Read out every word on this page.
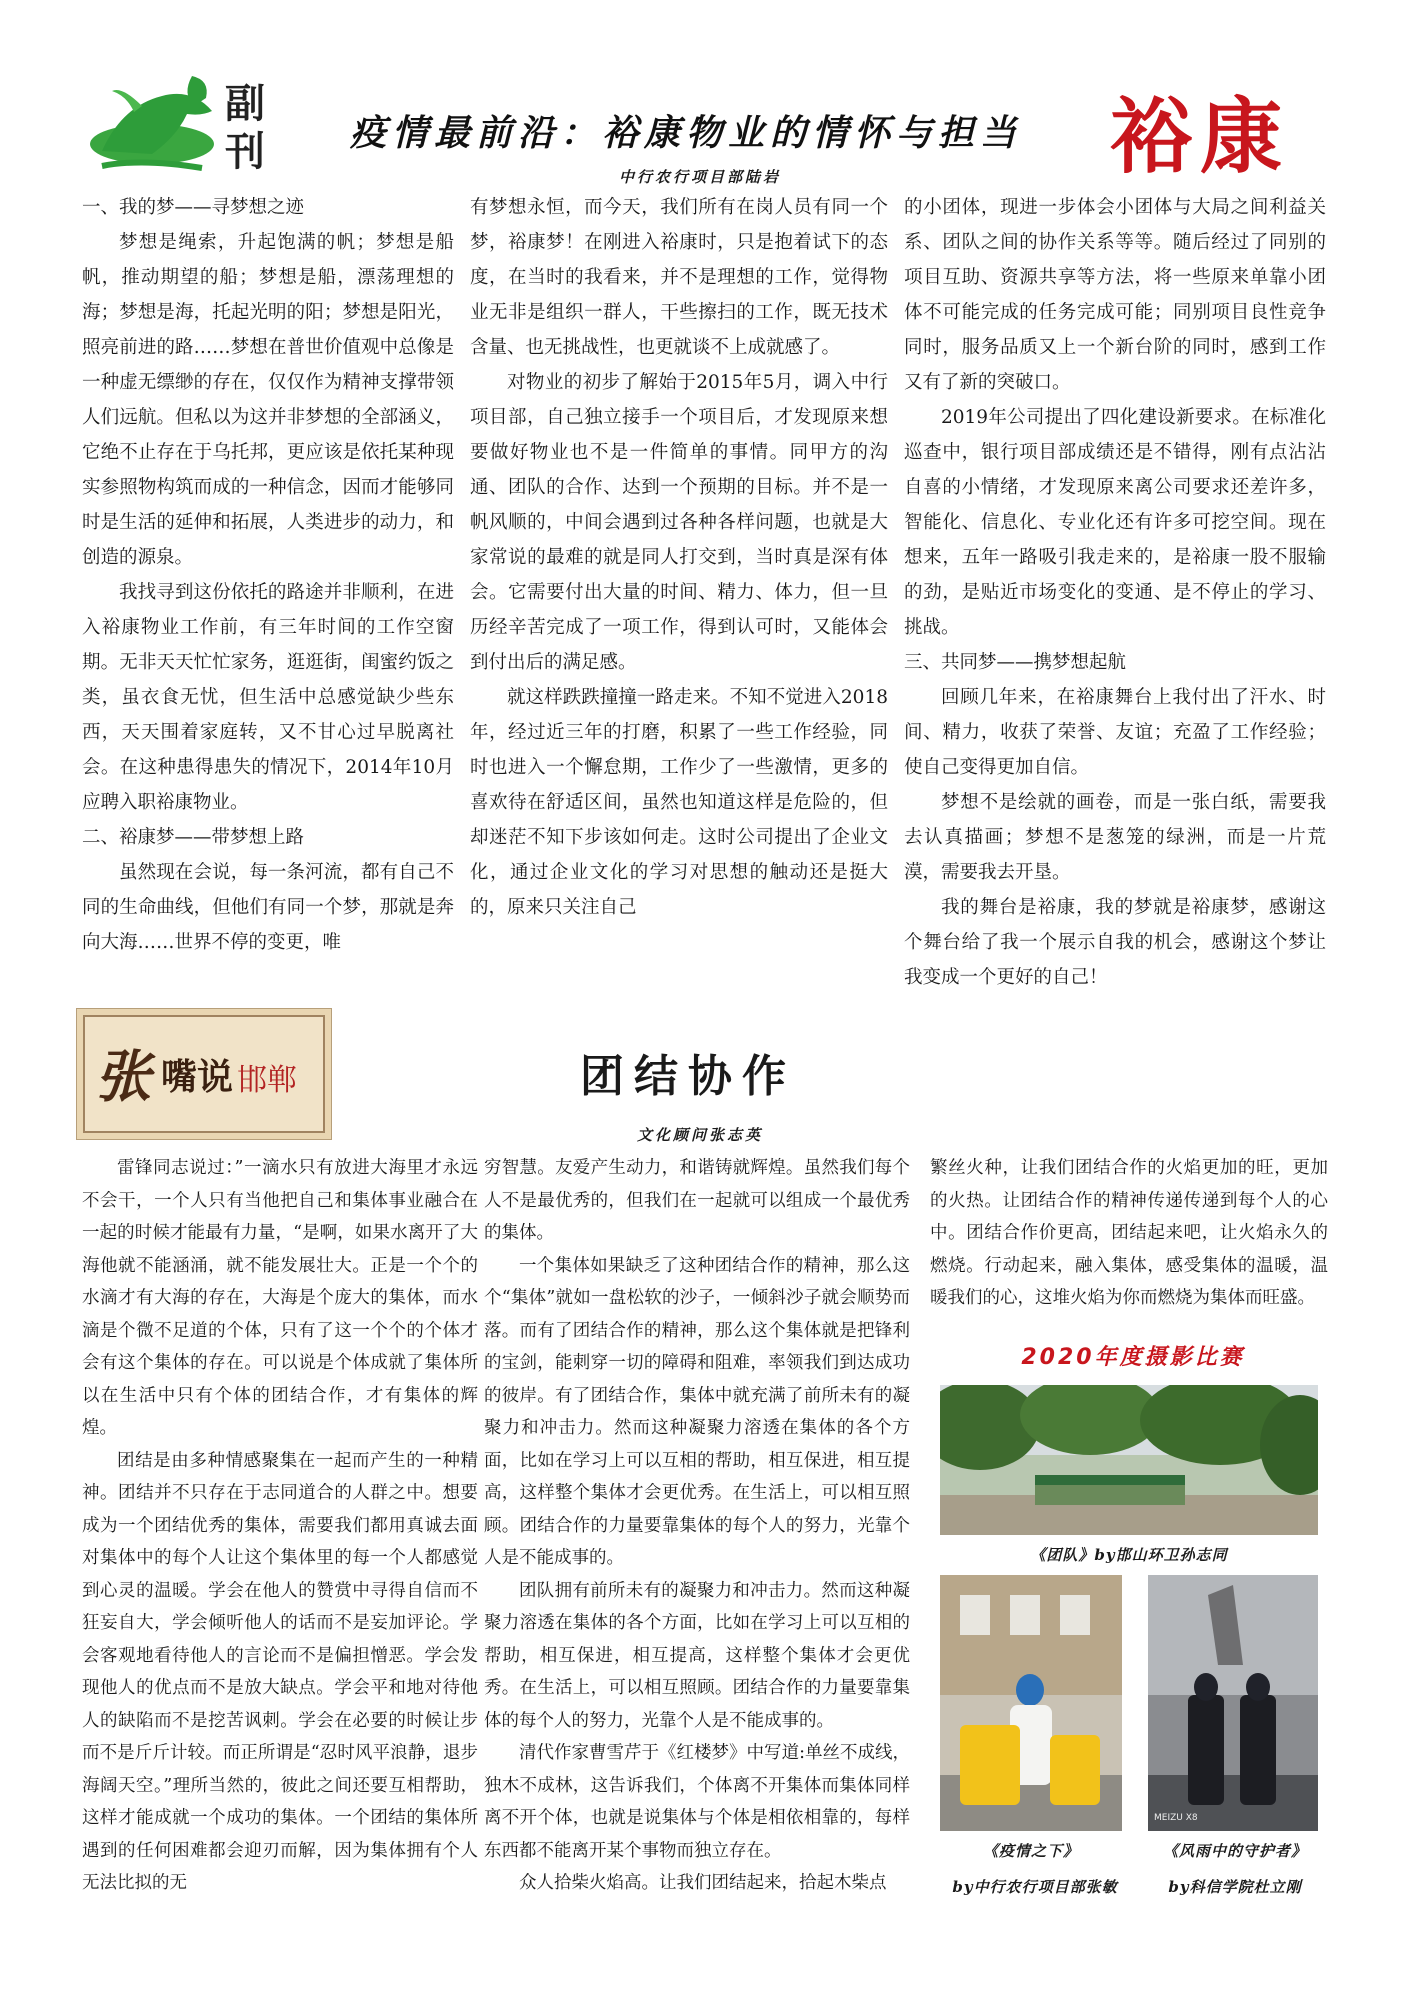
副刊	疫情最前沿：裕康物业的情怀与担当	裕康
中行农行项目部陆岩

一、我的梦——寻梦想之迹

梦想是绳索，升起饱满的帆；梦想是船帆，推动期望的船；梦想是船，漂荡理想的海；梦想是海，托起光明的阳；梦想是阳光，照亮前进的路……梦想在普世价值观中总像是一种虚无缥缈的存在，仅仅作为精神支撑带领人们远航。但私以为这并非梦想的全部涵义，它绝不止存在于乌托邦，更应该是依托某种现实参照物构筑而成的一种信念，因而才能够同时是生活的延伸和拓展，人类进步的动力，和创造的源泉。

我找寻到这份依托的路途并非顺利，在进入裕康物业工作前，有三年时间的工作空窗期。无非天天忙忙家务，逛逛街，闺蜜约饭之类，虽衣食无忧，但生活中总感觉缺少些东西，天天围着家庭转，又不甘心过早脱离社会。在这种患得患失的情况下，2014年10月应聘入职裕康物业。

二、裕康梦——带梦想上路

虽然现在会说，每一条河流，都有自己不同的生命曲线，但他们有同一个梦，那就是奔向大海……世界不停的变更，唯

有梦想永恒，而今天，我们所有在岗人员有同一个梦，裕康梦！在刚进入裕康时，只是抱着试下的态度，在当时的我看来，并不是理想的工作，觉得物业无非是组织一群人，干些擦扫的工作，既无技术含量、也无挑战性，也更就谈不上成就感了。

对物业的初步了解始于2015年5月，调入中行项目部，自己独立接手一个项目后，才发现原来想要做好物业也不是一件简单的事情。同甲方的沟通、团队的合作、达到一个预期的目标。并不是一帆风顺的，中间会遇到过各种各样问题，也就是大家常说的最难的就是同人打交到，当时真是深有体会。它需要付出大量的时间、精力、体力，但一旦历经辛苦完成了一项工作，得到认可时，又能体会到付出后的满足感。

就这样跌跌撞撞一路走来。不知不觉进入2018年，经过近三年的打磨，积累了一些工作经验，同时也进入一个懈怠期，工作少了一些激情，更多的喜欢待在舒适区间，虽然也知道这样是危险的，但却迷茫不知下步该如何走。这时公司提出了企业文化，通过企业文化的学习对思想的触动还是挺大的，原来只关注自己

的小团体，现进一步体会小团体与大局之间利益关系、团队之间的协作关系等等。随后经过了同别的项目互助、资源共享等方法，将一些原来单靠小团体不可能完成的任务完成可能；同别项目良性竞争同时，服务品质又上一个新台阶的同时，感到工作又有了新的突破口。

2019年公司提出了四化建设新要求。在标准化巡查中，银行项目部成绩还是不错得，刚有点沾沾自喜的小情绪，才发现原来离公司要求还差许多，智能化、信息化、专业化还有许多可挖空间。现在想来，五年一路吸引我走来的，是裕康一股不服输的劲，是贴近市场变化的变通、是不停止的学习、挑战。

三、共同梦——携梦想起航

回顾几年来，在裕康舞台上我付出了汗水、时间、精力，收获了荣誉、友谊；充盈了工作经验；使自己变得更加自信。

梦想不是绘就的画卷，而是一张白纸，需要我去认真描画；梦想不是葱笼的绿洲，而是一片荒漠，需要我去开垦。

我的舞台是裕康，我的梦就是裕康梦，感谢这个舞台给了我一个展示自我的机会，感谢这个梦让我变成一个更好的自己！

张 嘴说 邯郸	团结协作
文化顾问张志英

雷锋同志说过：”一滴水只有放进大海里才永远不会干，一个人只有当他把自己和集体事业融合在一起的时候才能最有力量，“是啊，如果水离开了大海他就不能涵涌，就不能发展壮大。正是一个个的水滴才有大海的存在，大海是个庞大的集体，而水滴是个微不足道的个体，只有了这一个个的个体才会有这个集体的存在。可以说是个体成就了集体所以在生活中只有个体的团结合作，才有集体的辉煌。

团结是由多种情感聚集在一起而产生的一种精神。团结并不只存在于志同道合的人群之中。想要成为一个团结优秀的集体，需要我们都用真诚去面对集体中的每个人让这个集体里的每一个人都感觉到心灵的温暖。学会在他人的赞赏中寻得自信而不狂妄自大，学会倾听他人的话而不是妄加评论。学会客观地看待他人的言论而不是偏担憎恶。学会发现他人的优点而不是放大缺点。学会平和地对待他人的缺陷而不是挖苦讽刺。学会在必要的时候让步而不是斤斤计较。而正所谓是“忍时风平浪静，退步海阔天空。”理所当然的，彼此之间还要互相帮助，这样才能成就一个成功的集体。一个团结的集体所遇到的任何困难都会迎刃而解，因为集体拥有个人无法比拟的无

穷智慧。友爱产生动力，和谐铸就辉煌。虽然我们每个人不是最优秀的，但我们在一起就可以组成一个最优秀的集体。

一个集体如果缺乏了这种团结合作的精神，那么这个“集体”就如一盘松软的沙子，一倾斜沙子就会顺势而落。而有了团结合作的精神，那么这个集体就是把锋利的宝剑，能刺穿一切的障碍和阻难，率领我们到达成功的彼岸。有了团结合作，集体中就充满了前所未有的凝聚力和冲击力。然而这种凝聚力溶透在集体的各个方面，比如在学习上可以互相的帮助，相互保进，相互提高，这样整个集体才会更优秀。在生活上，可以相互照顾。团结合作的力量要靠集体的每个人的努力，光靠个人是不能成事的。

团队拥有前所未有的凝聚力和冲击力。然而这种凝聚力溶透在集体的各个方面，比如在学习上可以互相的帮助，相互保进，相互提高，这样整个集体才会更优秀。在生活上，可以相互照顾。团结合作的力量要靠集体的每个人的努力，光靠个人是不能成事的。

清代作家曹雪芹于《红楼梦》中写道:单丝不成线，独木不成林，这告诉我们，个体离不开集体而集体同样离不开个体，也就是说集体与个体是相依相靠的，每样东西都不能离开某个事物而独立存在。

众人拾柴火焰高。让我们团结起来，拾起木柴点

繁丝火种，让我们团结合作的火焰更加的旺，更加的火热。让团结合作的精神传递传递到每个人的心中。团结合作价更高，团结起来吧，让火焰永久的燃烧。行动起来，融入集体，感受集体的温暖，温暖我们的心，这堆火焰为你而燃烧为集体而旺盛。

2020年度摄影比赛
《团队》by邯山环卫孙志同
《疫情之下》
by中行农行项目部张敏
MEIZU X8
《风雨中的守护者》
by科信学院杜立刚
